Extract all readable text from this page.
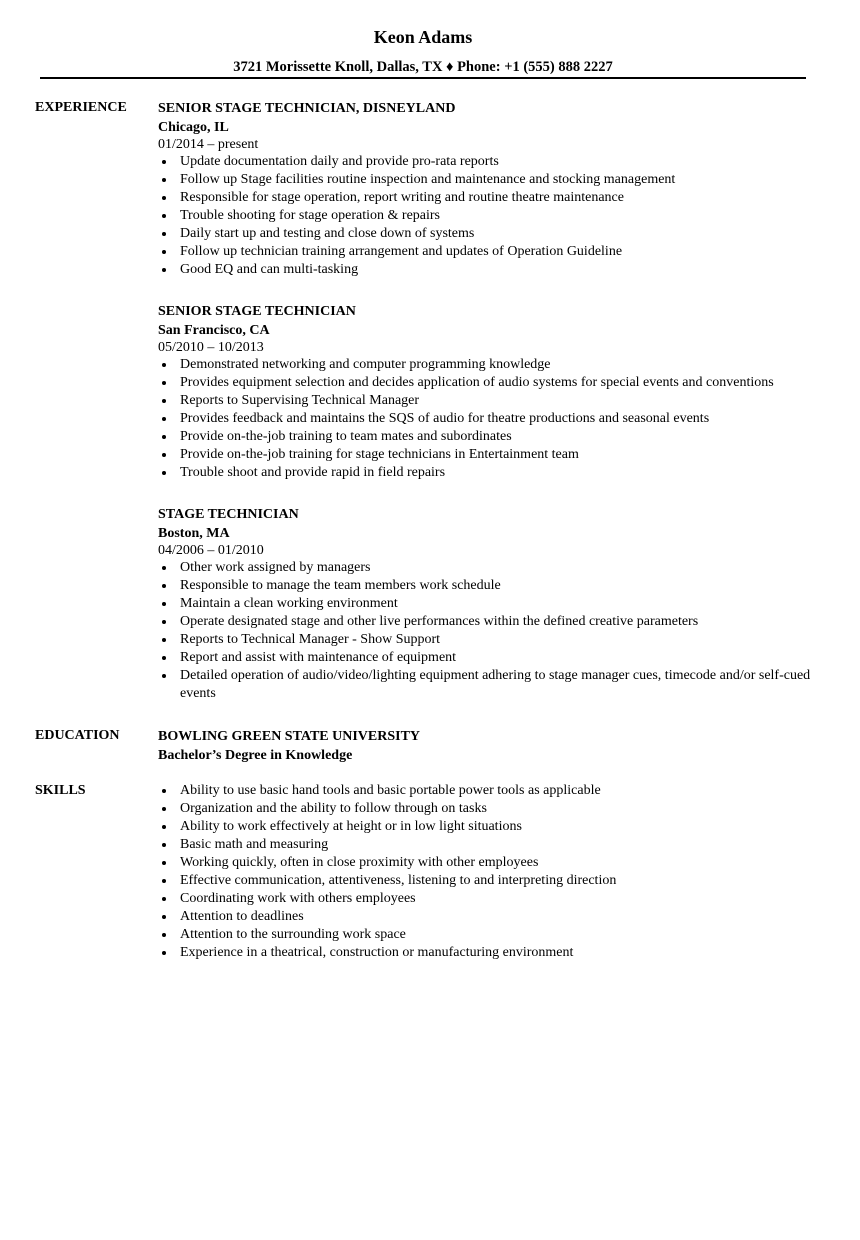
Keon Adams
3721 Morissette Knoll, Dallas, TX ♦ Phone: +1 (555) 888 2227
EXPERIENCE SENIOR STAGE TECHNICIAN, DISNEYLAND
Chicago, IL
01/2014 – present
Update documentation daily and provide pro-rata reports
Follow up Stage facilities routine inspection and maintenance and stocking management
Responsible for stage operation, report writing and routine theatre maintenance
Trouble shooting for stage operation & repairs
Daily start up and testing and close down of systems
Follow up technician training arrangement and updates of Operation Guideline
Good EQ and can multi-tasking
SENIOR STAGE TECHNICIAN
San Francisco, CA
05/2010 – 10/2013
Demonstrated networking and computer programming knowledge
Provides equipment selection and decides application of audio systems for special events and conventions
Reports to Supervising Technical Manager
Provides feedback and maintains the SQS of audio for theatre productions and seasonal events
Provide on-the-job training to team mates and subordinates
Provide on-the-job training for stage technicians in Entertainment team
Trouble shoot and provide rapid in field repairs
STAGE TECHNICIAN
Boston, MA
04/2006 – 01/2010
Other work assigned by managers
Responsible to manage the team members work schedule
Maintain a clean working environment
Operate designated stage and other live performances within the defined creative parameters
Reports to Technical Manager - Show Support
Report and assist with maintenance of equipment
Detailed operation of audio/video/lighting equipment adhering to stage manager cues, timecode and/or self-cued events
EDUCATION	BOWLING GREEN STATE UNIVERSITY
Bachelor’s Degree in Knowledge
SKILLS	Ability to use basic hand tools and basic portable power tools as applicable
Organization and the ability to follow through on tasks
Ability to work effectively at height or in low light situations
Basic math and measuring
Working quickly, often in close proximity with other employees
Effective communication, attentiveness, listening to and interpreting direction
Coordinating work with others employees
Attention to deadlines
Attention to the surrounding work space
Experience in a theatrical, construction or manufacturing environment
